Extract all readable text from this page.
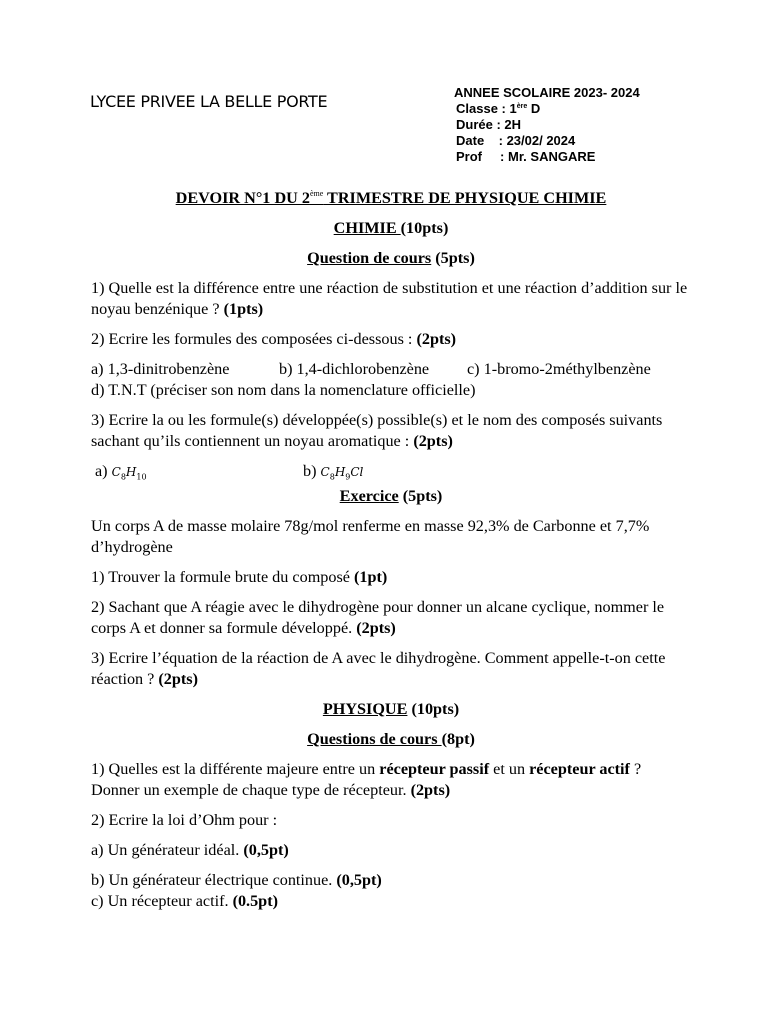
LYCEE PRIVEE LA BELLE PORTE	ANNEE SCOLAIRE 2023- 2024
Classe : 1ère D
Durée : 2H
Date    : 23/02/ 2024
Prof     : Mr. SANGARE
DEVOIR N°1 DU 2ème TRIMESTRE DE PHYSIQUE CHIMIE
CHIMIE (10pts)
Question de cours (5pts)

1) Quelle est la différence entre une réaction de substitution et une réaction d’addition sur le noyau benzénique ? (1pts)

2) Ecrire les formules des composées ci-dessous : (2pts)

a) 1,3-dinitrobenzène	b) 1,4-dichlorobenzène c) 1-bromo-2méthylbenzène

d) T.N.T (préciser son nom dans la nomenclature officielle)

3) Ecrire la ou les formule(s) développée(s) possible(s) et le nom des composés suivants sachant qu’ils contiennent un noyau aromatique : (2pts)

a) $C_8H_{10}$	b) $C_8H_9Cl$
Exercice (5pts)

Un corps A de masse molaire 78g/mol renferme en masse 92,3% de Carbonne et 7,7% d’hydrogène

1) Trouver la formule brute du composé (1pt)

2) Sachant que A réagie avec le dihydrogène pour donner un alcane cyclique, nommer le corps A et donner sa formule développé. (2pts)

3) Ecrire l’équation de la réaction de A avec le dihydrogène. Comment appelle-t-on cette réaction ? (2pts)

PHYSIQUE (10pts)
Questions de cours (8pt)

1) Quelles est la différente majeure entre un récepteur passif et un récepteur actif ? Donner un exemple de chaque type de récepteur. (2pts)

2) Ecrire la loi d’Ohm pour :

a) Un générateur idéal. (0,5pt)

b) Un générateur électrique continue. (0,5pt)

c) Un récepteur actif. (0.5pt)
